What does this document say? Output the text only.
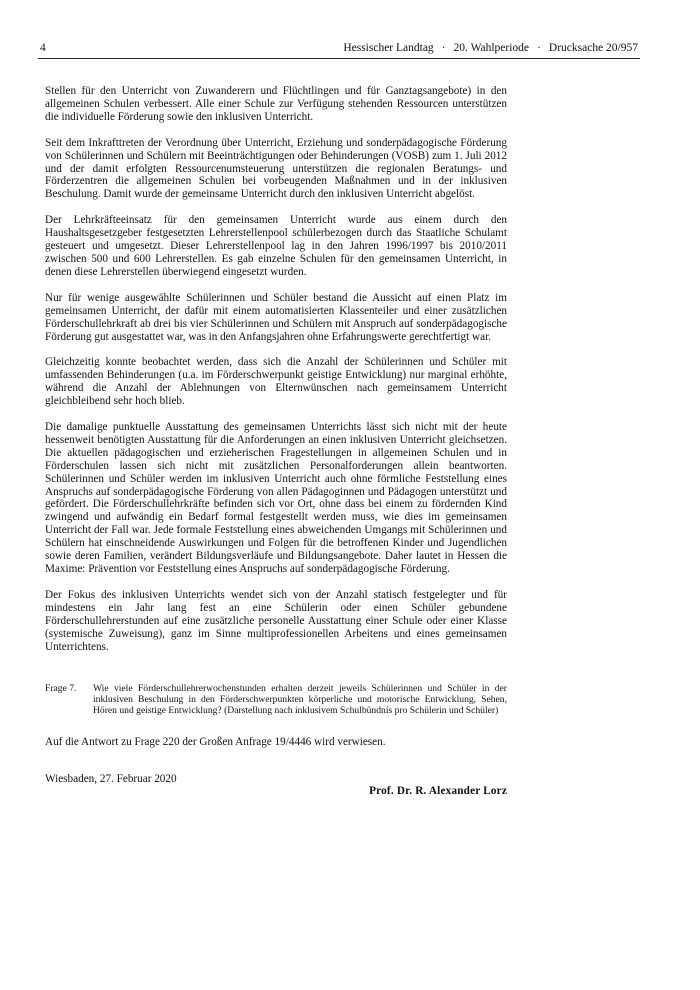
4	Hessischer Landtag · 20. Wahlperiode · Drucksache 20/957

Stellen für den Unterricht von Zuwanderern und Flüchtlingen und für Ganztagsangebote) in den allgemeinen Schulen verbessert. Alle einer Schule zur Verfügung stehenden Ressourcen unterstützen die individuelle Förderung sowie den inklusiven Unterricht.

Seit dem Inkrafttreten der Verordnung über Unterricht, Erziehung und sonderpädagogische Förderung von Schülerinnen und Schülern mit Beeinträchtigungen oder Behinderungen (VOSB) zum 1. Juli 2012 und der damit erfolgten Ressourcenumsteuerung unterstützen die regionalen Beratungs- und Förderzentren die allgemeinen Schulen bei vorbeugenden Maßnahmen und in der inklusiven Beschulung. Damit wurde der gemeinsame Unterricht durch den inklusiven Unterricht abgelöst.

Der Lehrkräfteeinsatz für den gemeinsamen Unterricht wurde aus einem durch den Haushaltsgesetzgeber festgesetzten Lehrerstellenpool schülerbezogen durch das Staatliche Schulamt gesteuert und umgesetzt. Dieser Lehrerstellenpool lag in den Jahren 1996/1997 bis 2010/2011 zwischen 500 und 600 Lehrerstellen. Es gab einzelne Schulen für den gemeinsamen Unterricht, in denen diese Lehrerstellen überwiegend eingesetzt wurden.

Nur für wenige ausgewählte Schülerinnen und Schüler bestand die Aussicht auf einen Platz im gemeinsamen Unterricht, der dafür mit einem automatisierten Klassenteiler und einer zusätzlichen Förderschullehrkraft ab drei bis vier Schülerinnen und Schülern mit Anspruch auf sonderpädagogische Förderung gut ausgestattet war, was in den Anfangsjahren ohne Erfahrungswerte gerechtfertigt war.

Gleichzeitig konnte beobachtet werden, dass sich die Anzahl der Schülerinnen und Schüler mit umfassenden Behinderungen (u.a. im Förderschwerpunkt geistige Entwicklung) nur marginal erhöhte, während die Anzahl der Ablehnungen von Elternwünschen nach gemeinsamem Unterricht gleichbleibend sehr hoch blieb.

Die damalige punktuelle Ausstattung des gemeinsamen Unterrichts lässt sich nicht mit der heute hessenweit benötigten Ausstattung für die Anforderungen an einen inklusiven Unterricht gleichsetzen. Die aktuellen pädagogischen und erzieherischen Fragestellungen in allgemeinen Schulen und in Förderschulen lassen sich nicht mit zusätzlichen Personalforderungen allein beantworten. Schülerinnen und Schüler werden im inklusiven Unterricht auch ohne förmliche Feststellung eines Anspruchs auf sonderpädagogische Förderung von allen Pädagoginnen und Pädagogen unterstützt und gefördert. Die Förderschullehrkräfte befinden sich vor Ort, ohne dass bei einem zu fördernden Kind zwingend und aufwändig ein Bedarf formal festgestellt werden muss, wie dies im gemeinsamen Unterricht der Fall war. Jede formale Feststellung eines abweichenden Umgangs mit Schülerinnen und Schülern hat einschneidende Auswirkungen und Folgen für die betroffenen Kinder und Jugendlichen sowie deren Familien, verändert Bildungsverläufe und Bildungsangebote. Daher lautet in Hessen die Maxime: Prävention vor Feststellung eines Anspruchs auf sonderpädagogische Förderung.

Der Fokus des inklusiven Unterrichts wendet sich von der Anzahl statisch festgelegter und für mindestens ein Jahr lang fest an eine Schülerin oder einen Schüler gebundene Förderschullehrerstunden auf eine zusätzliche personelle Ausstattung einer Schule oder einer Klasse (systemische Zuweisung), ganz im Sinne multiprofessionellen Arbeitens und eines gemeinsamen Unterrichtens.

Frage 7.	Wie viele Förderschullehrerwochenstunden erhalten derzeit jeweils Schülerinnen und Schüler in der inklusiven Beschulung in den Förderschwerpunkten körperliche und motorische Entwicklung, Sehen, Hören und geistige Entwicklung? (Darstellung nach inklusivem Schulbündnis pro Schülerin und Schüler)
Auf die Antwort zu Frage 220 der Großen Anfrage 19/4446 wird verwiesen.
Wiesbaden, 27. Februar 2020
Prof. Dr. R. Alexander Lorz
